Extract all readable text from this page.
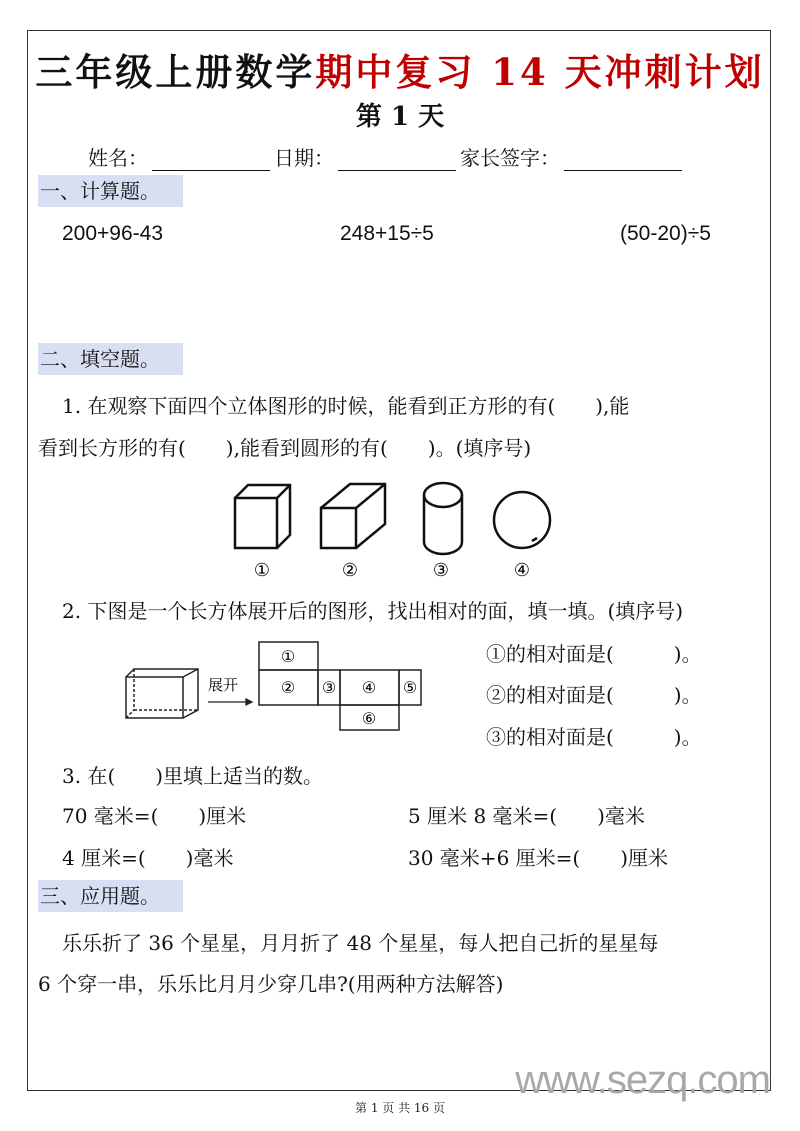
三年级上册数学期中复习 14 天冲刺计划
第 1 天
姓名：	日期：	家长签字：
一、计算题。
200+96-43	248+15÷5	(50-20)÷5
二、填空题。
1. 在观察下面四个立体图形的时候，能看到正方形的有(　　),能
看到长方形的有(　　),能看到圆形的有(　　)。(填序号)
①	②	③	④
2. 下图是一个长方体展开后的图形，找出相对的面，填一填。(填序号)
展开
①
② ③ ④ ⑤
⑥
①的相对面是(　　　)。
②的相对面是(　　　)。
③的相对面是(　　　)。
3. 在(　　)里填上适当的数。
70 毫米=(　　)厘米	5 厘米 8 毫米=(　　)毫米
4 厘米=(　　)毫米	30 毫米+6 厘米=(　　)厘米
三、应用题。
乐乐折了 36 个星星，月月折了 48 个星星，每人把自己折的星星每
6 个穿一串，乐乐比月月少穿几串?(用两种方法解答)
www.sezq.com
第 1 页 共 16 页
